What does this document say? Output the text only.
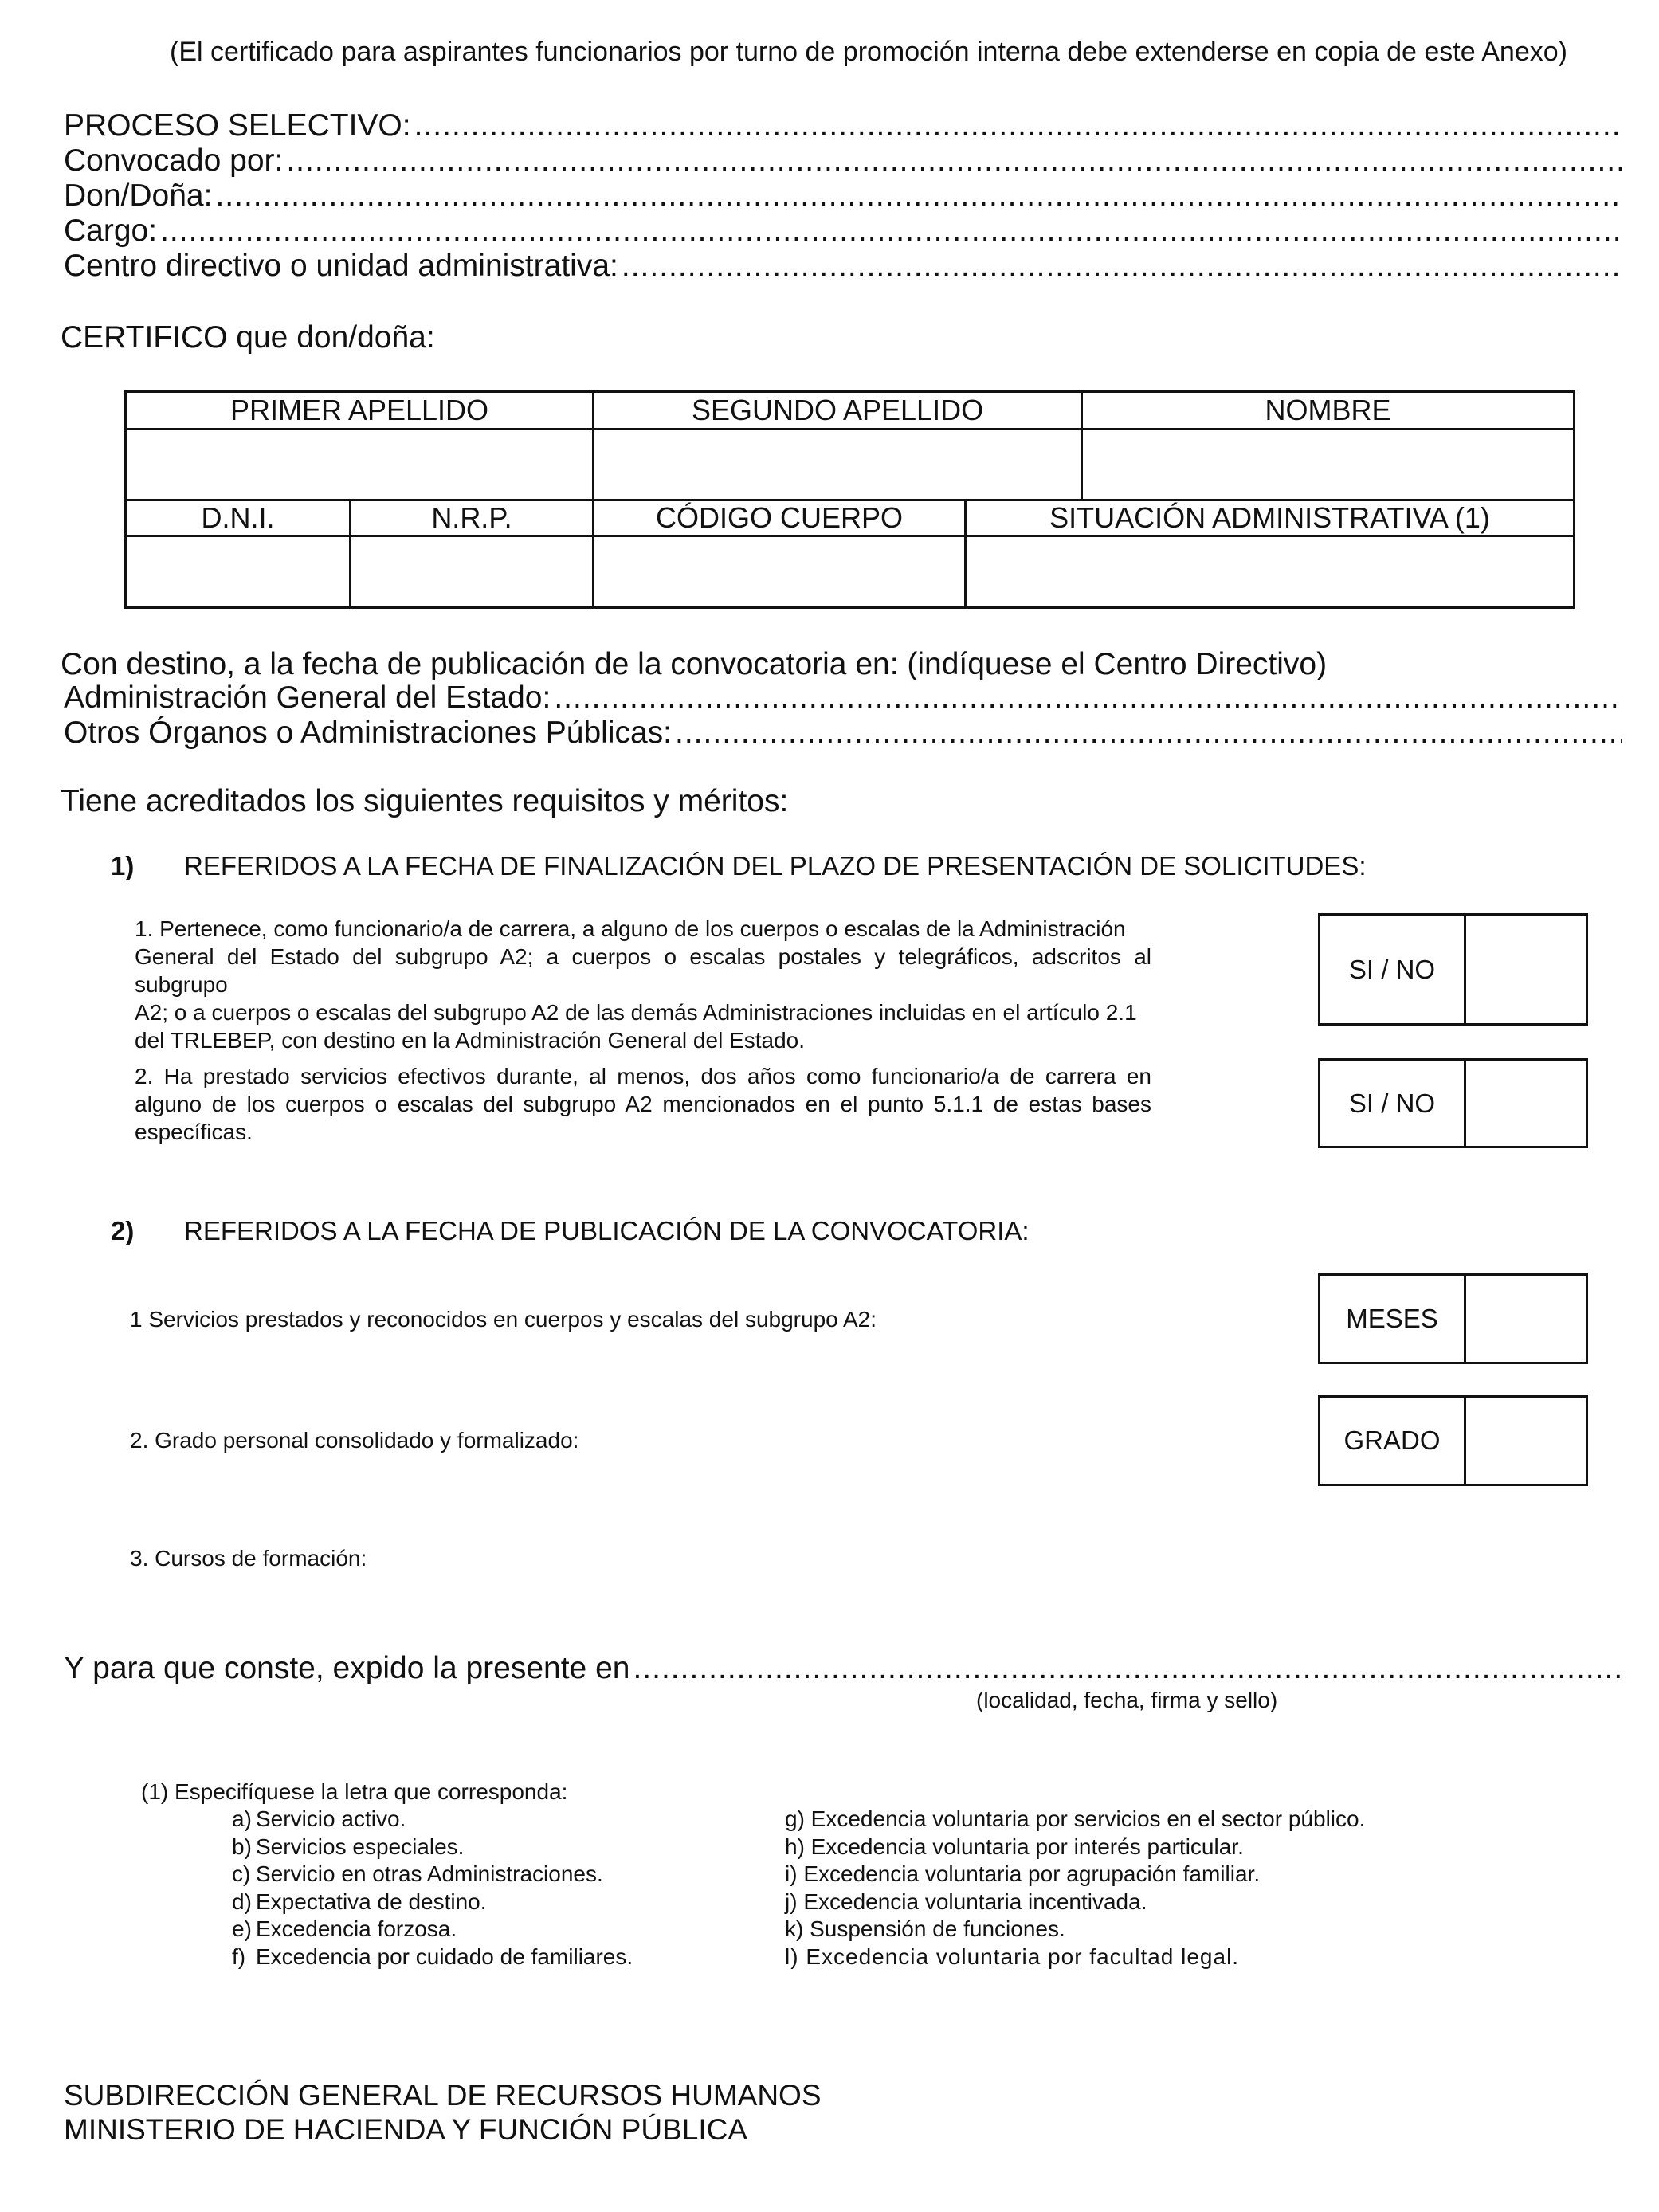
(El certificado para aspirantes funcionarios por turno de promoción interna debe extenderse en copia de este Anexo)
PROCESO SELECTIVO:
.....
Convocado por:
.....
Don/Doña:
.....
Cargo:
.....
Centro directivo o unidad administrativa:
.....
CERTIFICO que don/doña:
PRIMER APELLIDO		SEGUNDO APELLIDO		NOMBRE

D.N.I.	N.R.P.	CÓDIGO CUERPO	SITUACIÓN ADMINISTRATIVA (1)	

Con destino, a la fecha de publicación de la convocatoria en: (indíquese el Centro Directivo)
Administración General del Estado:
.....
Otros Órganos o Administraciones Públicas:
.....
Tiene acreditados los siguientes requisitos y méritos:
1) REFERIDOS A LA FECHA DE FINALIZACIÓN DEL PLAZO DE PRESENTACIÓN DE SOLICITUDES:
1. Pertenece, como funcionario/a de carrera, a alguno de los cuerpos o escalas de la Administración
General del Estado del subgrupo A2; a cuerpos o escalas postales y telegráficos, adscritos al subgrupo
A2; o a cuerpos o escalas del subgrupo A2 de las demás Administraciones incluidas en el artículo 2.1
del TRLEBEP, con destino en la Administración General del Estado.
SI / NO
2. Ha prestado servicios efectivos durante, al menos, dos años como funcionario/a de carrera en
alguno de los cuerpos o escalas del subgrupo A2 mencionados en el punto 5.1.1 de estas bases
específicas.
SI / NO
2) REFERIDOS A LA FECHA DE PUBLICACIÓN DE LA CONVOCATORIA:
1 Servicios prestados y reconocidos en cuerpos y escalas del subgrupo A2:	MESES
2. Grado personal consolidado y formalizado:	GRADO
3. Cursos de formación:
Y para que conste, expido la presente en
.....
(localidad, fecha, firma y sello)
(1) Especifíquese la letra que corresponda:
a) Servicio activo.
b) Servicios especiales.
c) Servicio en otras Administraciones.
d) Expectativa de destino.
e) Excedencia forzosa.
f) Excedencia por cuidado de familiares.
g) Excedencia voluntaria por servicios en el sector público.
h) Excedencia voluntaria por interés particular.
i) Excedencia voluntaria por agrupación familiar.
j) Excedencia voluntaria incentivada.
k) Suspensión de funciones.
l) Excedencia voluntaria por facultad legal.
SUBDIRECCIÓN GENERAL DE RECURSOS HUMANOS
MINISTERIO DE HACIENDA Y FUNCIÓN PÚBLICA
